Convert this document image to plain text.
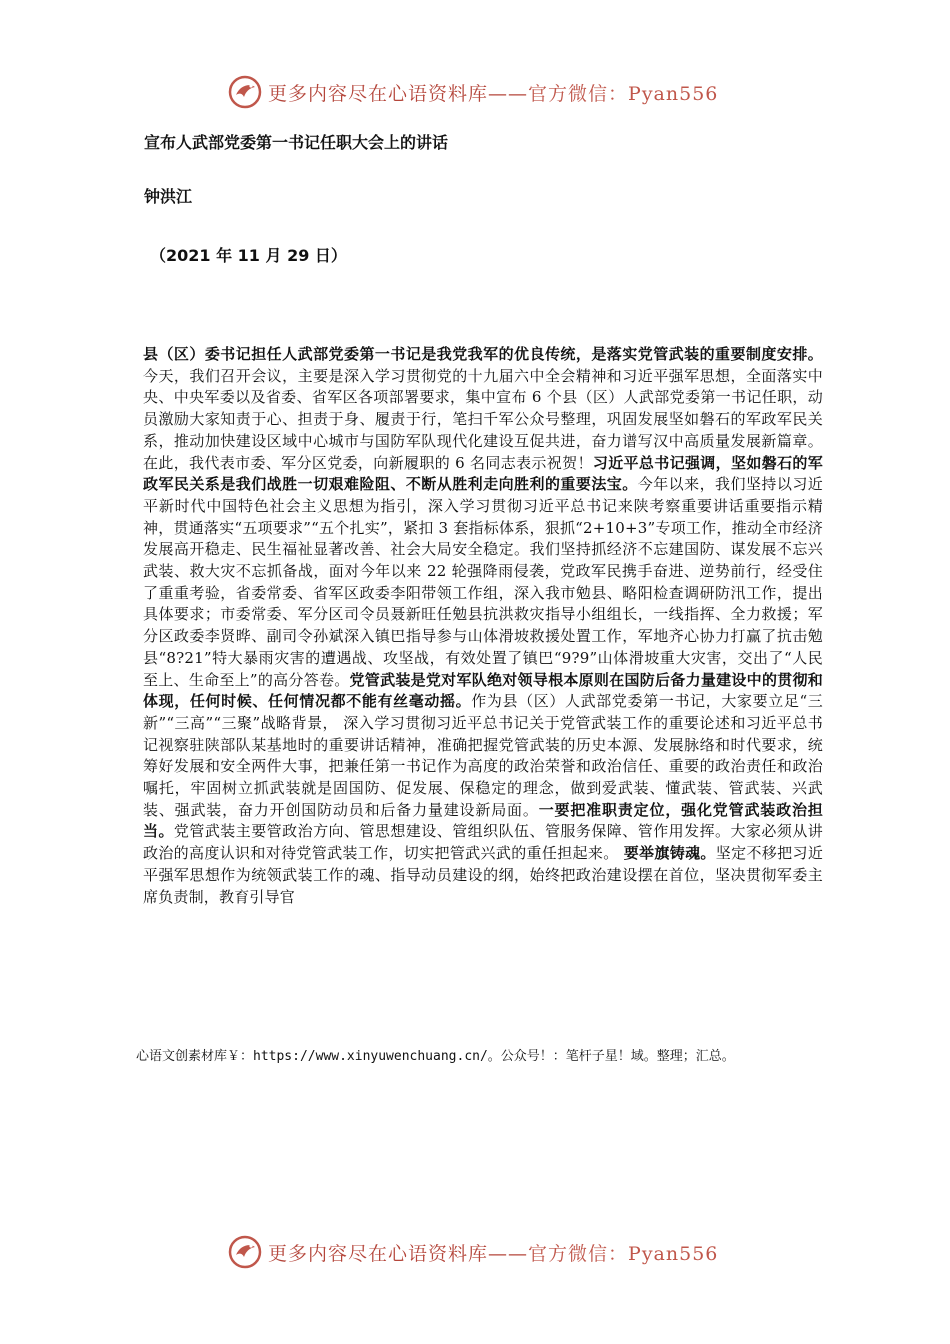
更多内容尽在心语资料库——官方微信：Pyan556
宣布人武部党委第一书记任职大会上的讲话
钟洪江
（2021 年 11 月 29 日）
县（区）委书记担任人武部党委第一书记是我党我军的优良传统，是落实党管武装的重要制度安排。今天，我们召开会议，主要是深入学习贯彻党的十九届六中全会精神和习近平强军思想，全面落实中央、中央军委以及省委、省军区各项部署要求，集中宣布 6 个县（区）人武部党委第一书记任职，动员激励大家知责于心、担责于身、履责于行，笔扫千军公众号整理，巩固发展坚如磐石的军政军民关系，推动加快建设区域中心城市与国防军队现代化建设互促共进，奋力谱写汉中高质量发展新篇章。在此，我代表市委、军分区党委，向新履职的 6 名同志表示祝贺！习近平总书记强调，坚如磐石的军政军民关系是我们战胜一切艰难险阻、不断从胜利走向胜利的重要法宝。今年以来，我们坚持以习近平新时代中国特色社会主义思想为指引，深入学习贯彻习近平总书记来陕考察重要讲话重要指示精神，贯通落实“五项要求”“五个扎实”，紧扣 3 套指标体系，狠抓“2+10+3”专项工作，推动全市经济发展高开稳走、民生福祉显著改善、社会大局安全稳定。我们坚持抓经济不忘建国防、谋发展不忘兴武装、救大灾不忘抓备战，面对今年以来 22 轮强降雨侵袭，党政军民携手奋进、逆势前行，经受住了重重考验，省委常委、省军区政委李阳带领工作组，深入我市勉县、略阳检查调研防汛工作，提出具体要求；市委常委、军分区司令员聂新旺任勉县抗洪救灾指导小组组长，一线指挥、全力救援；军分区政委李贤晔、副司令孙斌深入镇巴指导参与山体滑坡救援处置工作，军地齐心协力打赢了抗击勉县“8?21”特大暴雨灾害的遭遇战、攻坚战，有效处置了镇巴“9?9”山体滑坡重大灾害，交出了“人民至上、生命至上”的高分答卷。党管武装是党对军队绝对领导根本原则在国防后备力量建设中的贯彻和体现，任何时候、任何情况都不能有丝毫动摇。作为县（区）人武部党委第一书记，大家要立足“三新”“三高”“三聚”战略背景， 深入学习贯彻习近平总书记关于党管武装工作的重要论述和习近平总书记视察驻陕部队某基地时的重要讲话精神，准确把握党管武装的历史本源、发展脉络和时代要求，统筹好发展和安全两件大事，把兼任第一书记作为高度的政治荣誉和政治信任、重要的政治责任和政治嘱托，牢固树立抓武装就是固国防、促发展、保稳定的理念，做到爱武装、懂武装、管武装、兴武装、强武装，奋力开创国防动员和后备力量建设新局面。一要把准职责定位，强化党管武装政治担当。党管武装主要管政治方向、管思想建设、管组织队伍、管服务保障、管作用发挥。大家必须从讲政治的高度认识和对待党管武装工作，切实把管武兴武的重任担起来。 要举旗铸魂。坚定不移把习近平强军思想作为统领武装工作的魂、指导动员建设的纲，始终把政治建设摆在首位，坚决贯彻军委主席负责制，教育引导官
心语文创素材库￥：https://www.xinyuwenchuang.cn/。公众号！：笔杆子星！域。整理；汇总。
更多内容尽在心语资料库——官方微信：Pyan556
